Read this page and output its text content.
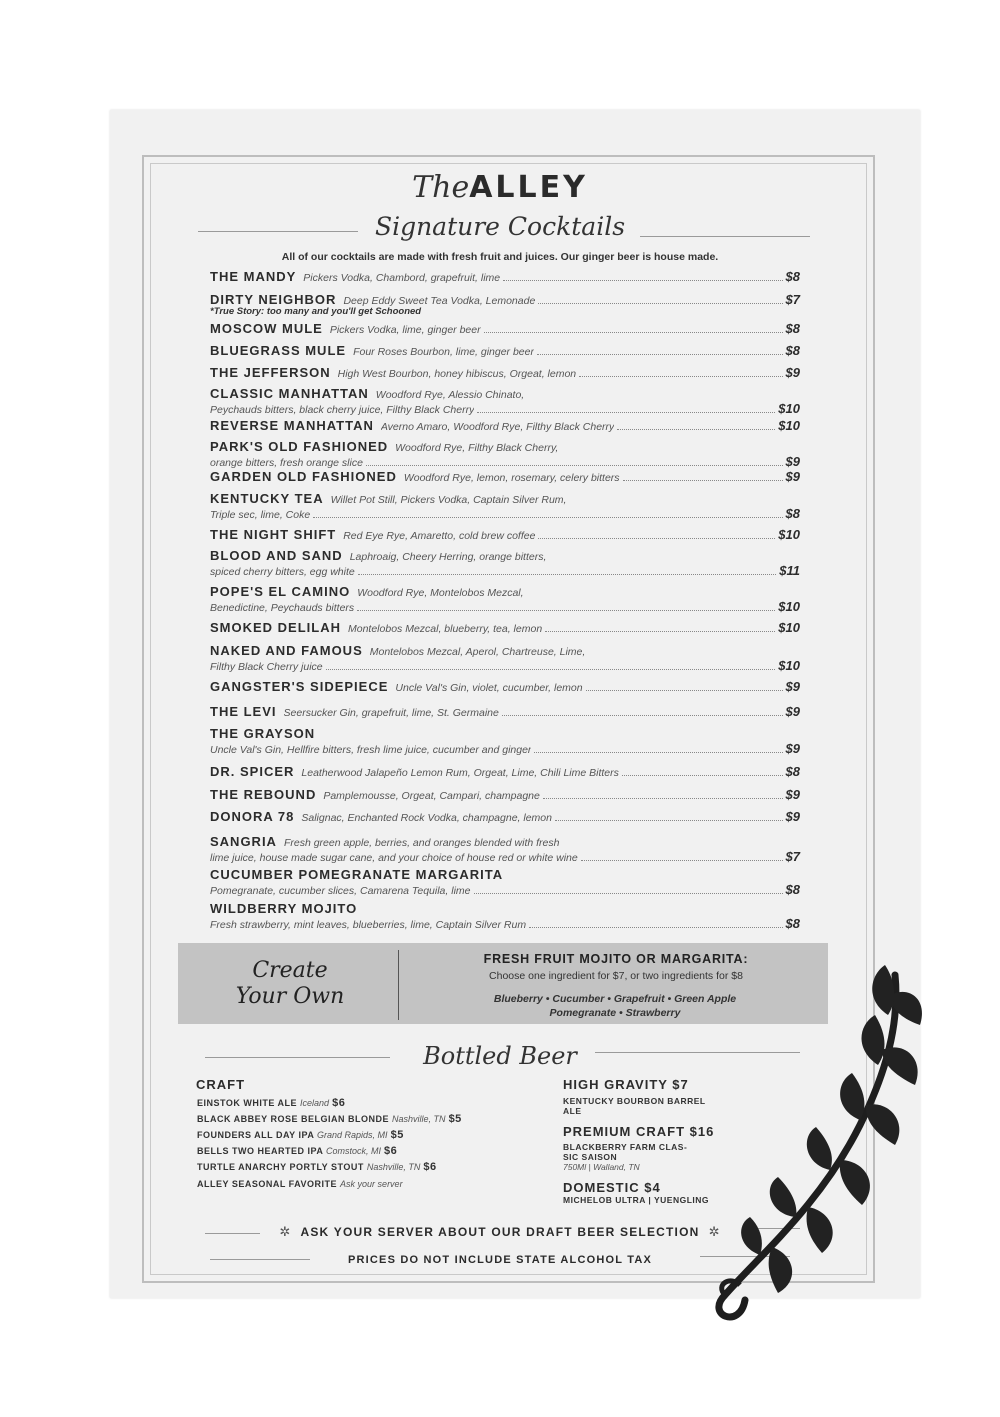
TheALLEY
Signature Cocktails
All of our cocktails are made with fresh fruit and juices. Our ginger beer is house made.
THE MANDY Pickers Vodka, Chambord, grapefruit, lime	$8
DIRTY NEIGHBOR Deep Eddy Sweet Tea Vodka, Lemonade	$7
*True Story: too many and you'll get Schooned
MOSCOW MULE Pickers Vodka, lime, ginger beer	$8
BLUEGRASS MULE Four Roses Bourbon, lime, ginger beer	$8
THE JEFFERSON High West Bourbon, honey hibiscus, Orgeat, lemon	$9
CLASSIC MANHATTAN Woodford Rye, Alessio Chinato,
Peychauds bitters, black cherry juice, Filthy Black Cherry	$10
REVERSE MANHATTAN Averno Amaro, Woodford Rye, Filthy Black Cherry	$10
PARK'S OLD FASHIONED Woodford Rye, Filthy Black Cherry,
orange bitters, fresh orange slice	$9
GARDEN OLD FASHIONED Woodford Rye, lemon, rosemary, celery bitters	$9
KENTUCKY TEA Willet Pot Still, Pickers Vodka, Captain Silver Rum,
Triple sec, lime, Coke	$8
THE NIGHT SHIFT Red Eye Rye, Amaretto, cold brew coffee	$10
BLOOD AND SAND Laphroaig, Cheery Herring, orange bitters,
spiced cherry bitters, egg white	$11
POPE'S EL CAMINO Woodford Rye, Montelobos Mezcal,
Benedictine, Peychauds bitters	$10
SMOKED DELILAH Montelobos Mezcal, blueberry, tea, lemon	$10
NAKED AND FAMOUS Montelobos Mezcal, Aperol, Chartreuse, Lime,
Filthy Black Cherry juice	$10
GANGSTER'S SIDEPIECE Uncle Val's Gin, violet, cucumber, lemon	$9
THE LEVI Seersucker Gin, grapefruit, lime, St. Germaine	$9
THE GRAYSON
Uncle Val's Gin, Hellfire bitters, fresh lime juice, cucumber and ginger	$9
DR. SPICER Leatherwood Jalapeño Lemon Rum, Orgeat, Lime, Chili Lime Bitters	$8
THE REBOUND Pamplemousse, Orgeat, Campari, champagne	$9
DONORA 78 Salignac, Enchanted Rock Vodka, champagne, lemon	$9
SANGRIA Fresh green apple, berries, and oranges blended with fresh
lime juice, house made sugar cane, and your choice of house red or white wine	$7
CUCUMBER POMEGRANATE MARGARITA
Pomegranate, cucumber slices, Camarena Tequila, lime	$8
WILDBERRY MOJITO
Fresh strawberry, mint leaves, blueberries, lime, Captain Silver Rum	$8
Create
Your Own
FRESH FRUIT MOJITO OR MARGARITA:
Choose one ingredient for $7, or two ingredients for $8
Blueberry • Cucumber • Grapefruit • Green Apple
Pomegranate • Strawberry
Bottled Beer
CRAFT
EINSTOK WHITE ALE Iceland $6
BLACK ABBEY ROSE BELGIAN BLONDE Nashville, TN $5
FOUNDERS ALL DAY IPA Grand Rapids, MI $5
BELLS TWO HEARTED IPA Comstock, MI $6
TURTLE ANARCHY PORTLY STOUT Nashville, TN $6
ALLEY SEASONAL FAVORITE Ask your server
HIGH GRAVITY $7
KENTUCKY BOURBON BARREL
ALE
PREMIUM CRAFT $16
BLACKBERRY FARM CLAS-
SIC SAISON
750Ml | Walland, TN
DOMESTIC $4
MICHELOB ULTRA | YUENGLING
✲ ASK YOUR SERVER ABOUT OUR DRAFT BEER SELECTION ✲
PRICES DO NOT INCLUDE STATE ALCOHOL TAX
